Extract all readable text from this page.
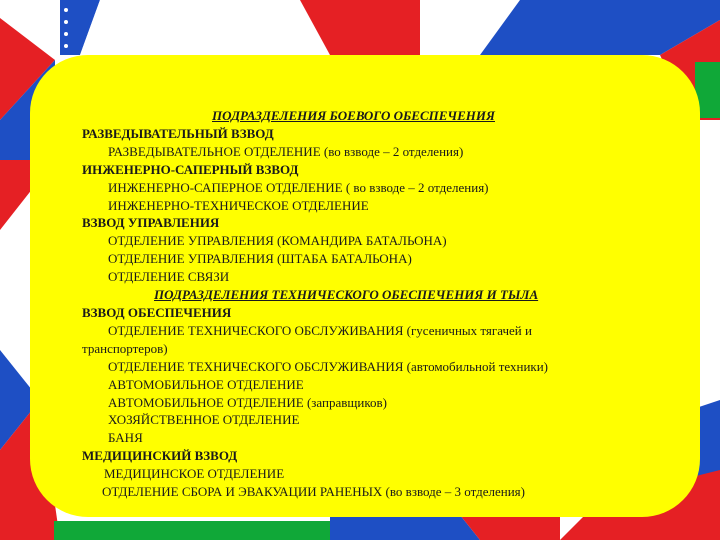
ПОДРАЗДЕЛЕНИЯ БОЕВОГО ОБЕСПЕЧЕНИЯ
РАЗВЕДЫВАТЕЛЬНЫЙ ВЗВОД
РАЗВЕДЫВАТЕЛЬНОЕ ОТДЕЛЕНИЕ (во взводе – 2 отделения)
ИНЖЕНЕРНО-САПЕРНЫЙ ВЗВОД
ИНЖЕНЕРНО-САПЕРНОЕ ОТДЕЛЕНИЕ ( во взводе – 2 отделения)
ИНЖЕНЕРНО-ТЕХНИЧЕСКОЕ ОТДЕЛЕНИЕ
ВЗВОД УПРАВЛЕНИЯ
ОТДЕЛЕНИЕ УПРАВЛЕНИЯ (КОМАНДИРА БАТАЛЬОНА)
ОТДЕЛЕНИЕ УПРАВЛЕНИЯ (ШТАБА БАТАЛЬОНА)
ОТДЕЛЕНИЕ СВЯЗИ
ПОДРАЗДЕЛЕНИЯ ТЕХНИЧЕСКОГО ОБЕСПЕЧЕНИЯ И ТЫЛА
ВЗВОД ОБЕСПЕЧЕНИЯ
ОТДЕЛЕНИЕ ТЕХНИЧЕСКОГО ОБСЛУЖИВАНИЯ (гусеничных тягачей и
транспортеров)
ОТДЕЛЕНИЕ ТЕХНИЧЕСКОГО ОБСЛУЖИВАНИЯ (автомобильной техники)
АВТОМОБИЛЬНОЕ ОТДЕЛЕНИЕ
АВТОМОБИЛЬНОЕ ОТДЕЛЕНИЕ (заправщиков)
ХОЗЯЙСТВЕННОЕ ОТДЕЛЕНИЕ
БАНЯ
МЕДИЦИНСКИЙ ВЗВОД
МЕДИЦИНСКОЕ ОТДЕЛЕНИЕ
ОТДЕЛЕНИЕ СБОРА И ЭВАКУАЦИИ РАНЕНЫХ (во взводе – 3 отделения)
